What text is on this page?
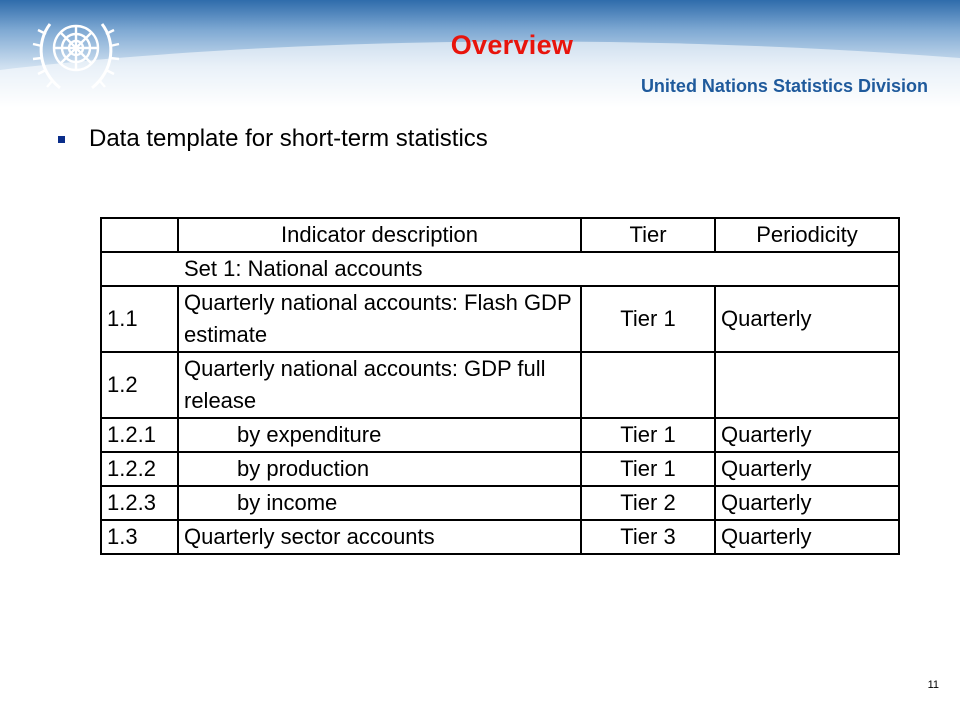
Overview
United Nations Statistics Division
Data template for short-term statistics
	Indicator description	Tier	Periodicity
Set 1: National accounts			
1.1	Quarterly national accounts: Flash GDP estimate	Tier 1	Quarterly
1.2	Quarterly national accounts: GDP full release		
1.2.1	by expenditure	Tier 1	Quarterly
1.2.2	by production	Tier 1	Quarterly
1.2.3	by income	Tier 2	Quarterly
1.3	Quarterly sector accounts	Tier 3	Quarterly
11
